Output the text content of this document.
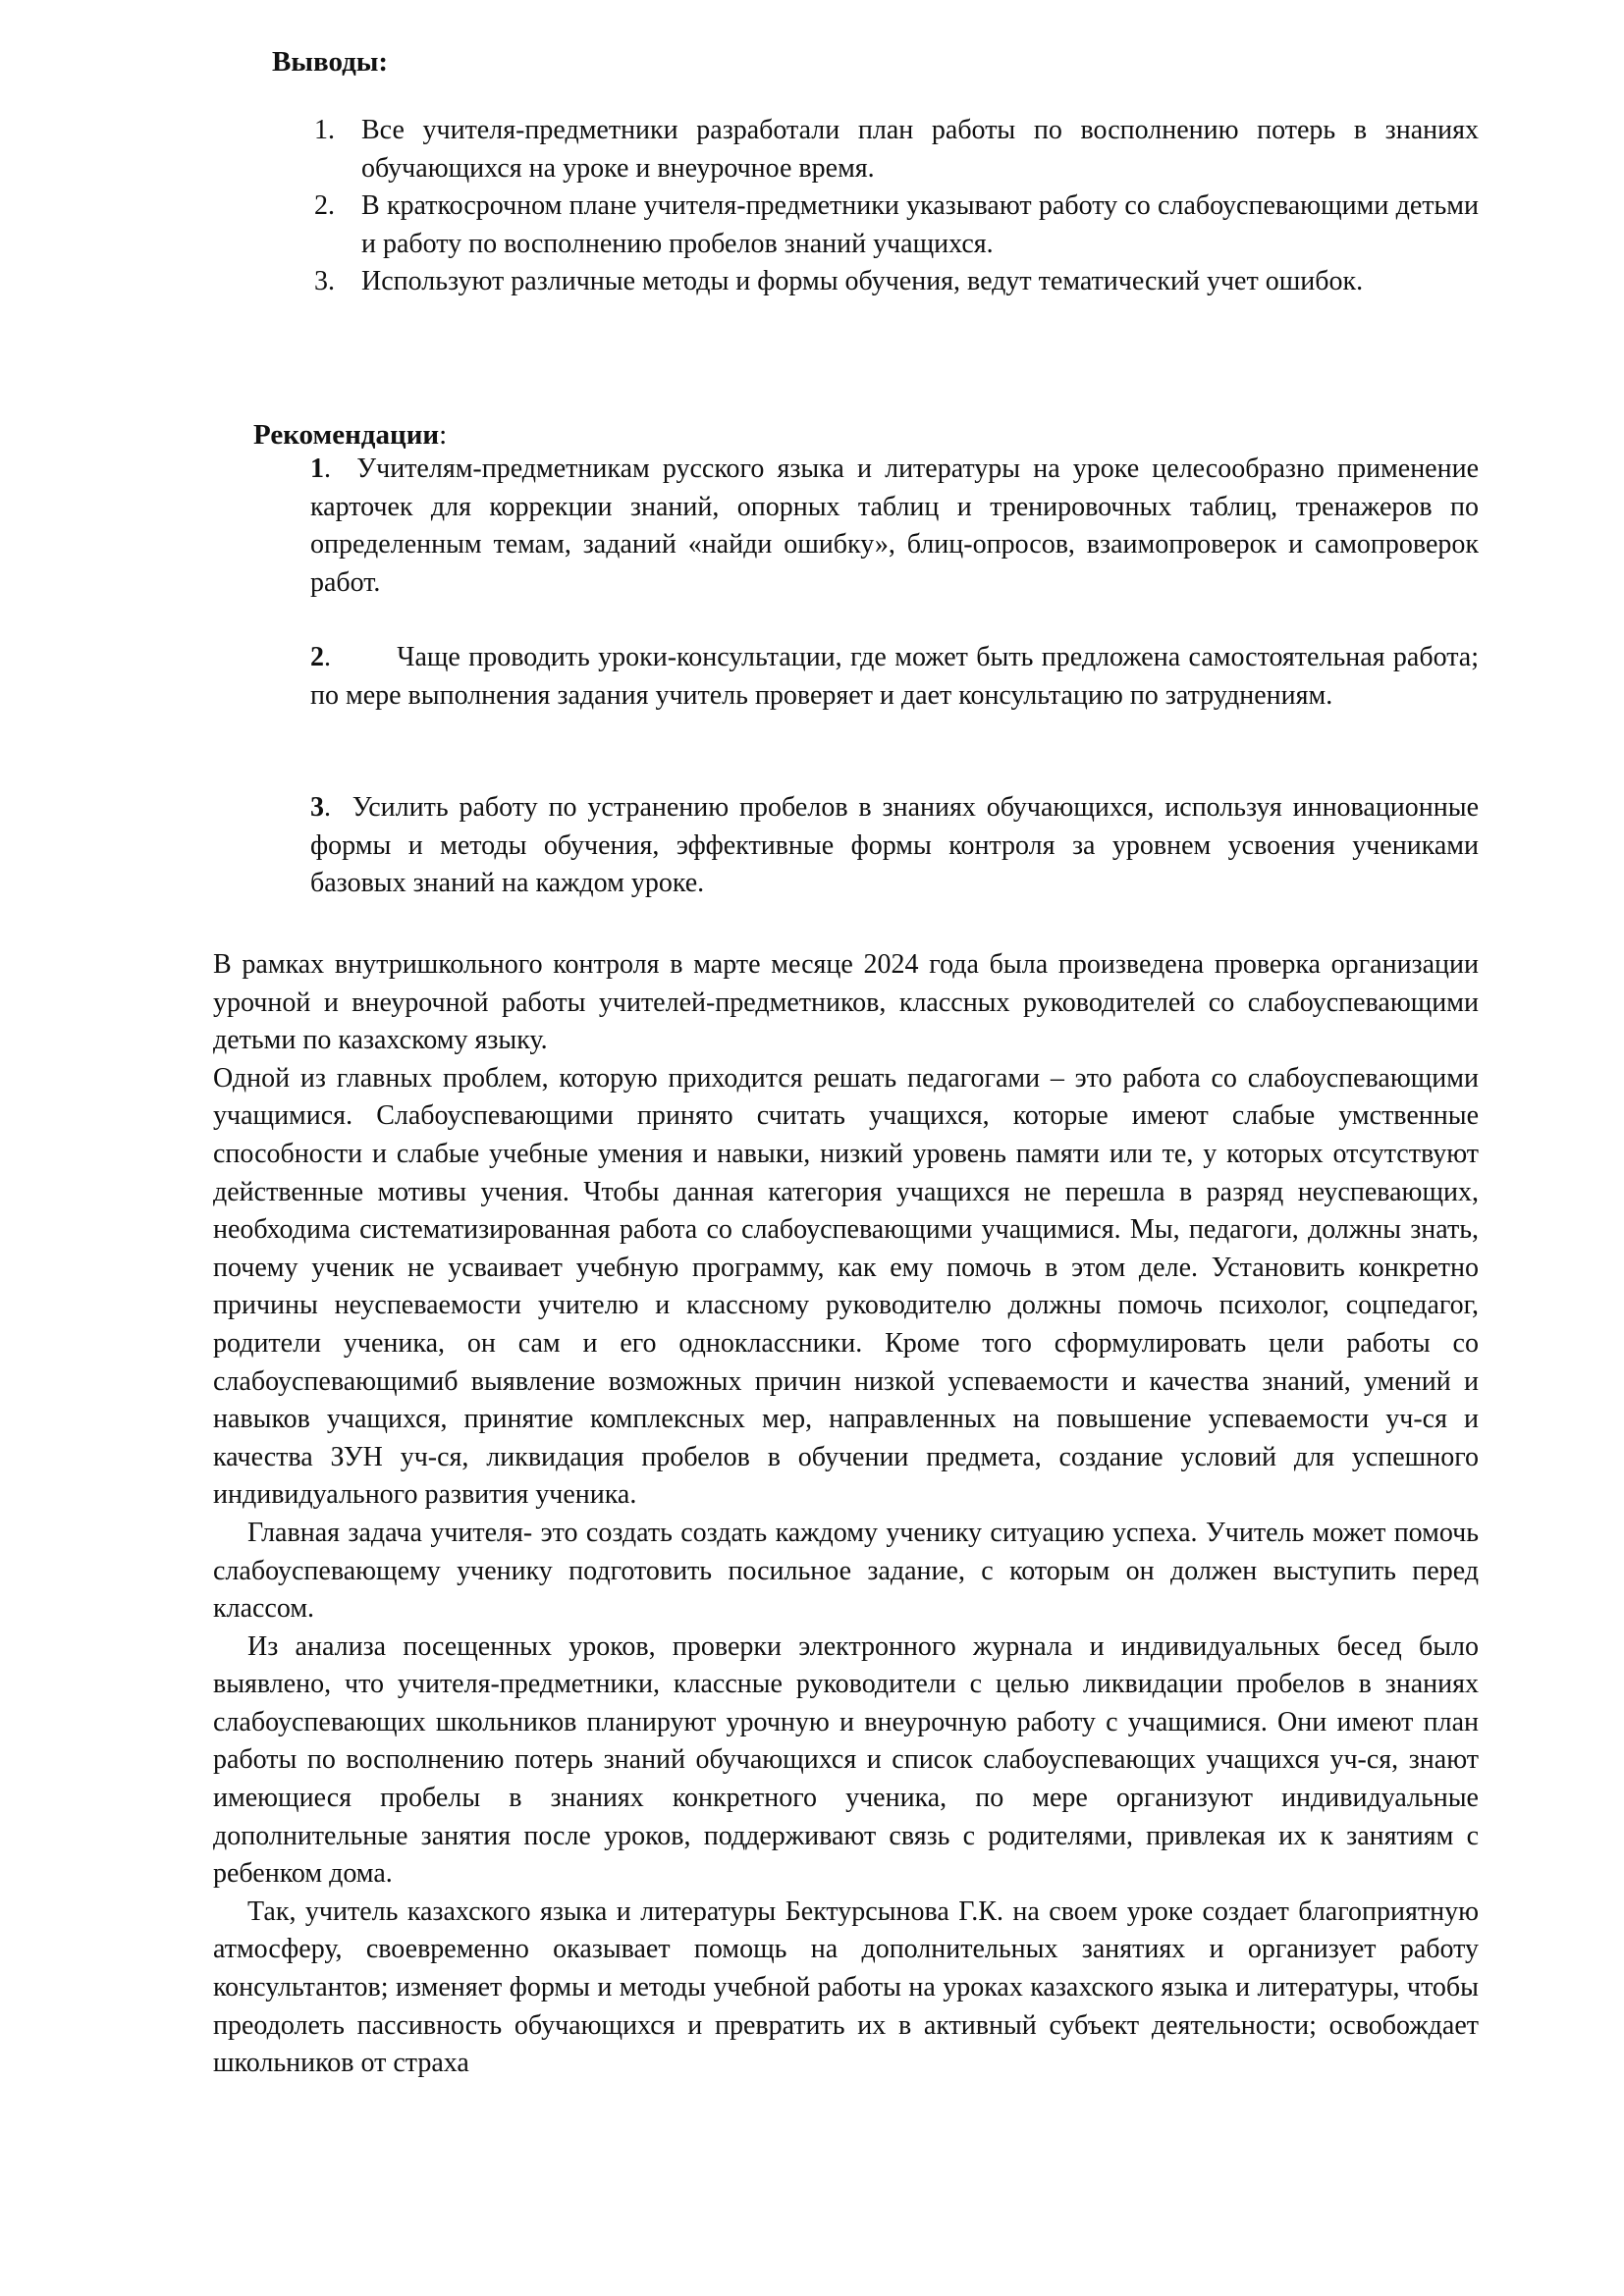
Выводы:
1. Все учителя-предметники разработали план работы по восполнению потерь в знаниях обучающихся на уроке и внеурочное время.
2. В краткосрочном плане учителя-предметники указывают работу со слабоуспевающими детьми и работу по восполнению пробелов знаний учащихся.
3. Используют различные методы и формы обучения, ведут тематический учет ошибок.
Рекомендации:
1.  Учителям-предметникам русского языка и литературы на уроке целесообразно применение карточек для коррекции знаний, опорных таблиц и тренировочных таблиц, тренажеров по определенным темам, заданий «найди ошибку», блиц-опросов, взаимопроверок и самопроверок работ.
2.        Чаще проводить уроки-консультации, где может быть предложена самостоятельная работа; по мере выполнения задания учитель проверяет и дает консультацию по затруднениям.
3.  Усилить работу по устранению пробелов в знаниях обучающихся, используя инновационные формы и методы обучения, эффективные формы контроля за уровнем усвоения учениками базовых знаний на каждом уроке.

В рамках внутришкольного контроля в марте месяце 2024 года была произведена проверка организации урочной и внеурочной работы учителей-предметников, классных руководителей со слабоуспевающими детьми по казахскому языку.

Одной из главных проблем, которую приходится решать педагогами – это работа со слабоуспевающими учащимися. Слабоуспевающими принято считать учащихся, которые имеют слабые умственные способности и слабые учебные умения и навыки, низкий уровень памяти или те, у которых отсутствуют действенные мотивы учения. Чтобы данная категория учащихся не перешла в разряд неуспевающих, необходима систематизированная работа со слабоуспевающими учащимися. Мы, педагоги, должны знать, почему ученик не усваивает учебную программу, как ему помочь в этом деле. Установить конкретно причины неуспеваемости учителю и классному руководителю должны помочь психолог, соцпедагог, родители ученика, он сам и его одноклассники. Кроме того сформулировать цели работы со слабоуспевающимиб выявление возможных причин низкой успеваемости и качества знаний, умений и навыков учащихся, принятие комплексных мер, направленных на повышение успеваемости уч-ся и качества ЗУН уч-ся, ликвидация пробелов в обучении предмета, создание условий для успешного индивидуального развития ученика.

Главная задача учителя- это создать создать каждому ученику ситуацию успеха. Учитель может помочь слабоуспевающему ученику подготовить посильное задание, с которым он должен выступить перед классом.

Из анализа посещенных уроков, проверки электронного журнала и индивидуальных бесед было выявлено, что учителя-предметники, классные руководители с целью ликвидации пробелов в знаниях слабоуспевающих школьников планируют урочную и внеурочную работу с учащимися. Они имеют план работы по восполнению потерь знаний обучающихся и список слабоуспевающих учащихся уч-ся, знают имеющиеся пробелы в знаниях конкретного ученика, по мере организуют индивидуальные дополнительные занятия после уроков, поддерживают связь с родителями, привлекая их к занятиям с ребенком дома.

Так, учитель казахского языка и литературы Бектурсынова Г.К. на своем уроке создает благоприятную атмосферу, своевременно оказывает помощь на дополнительных занятиях и организует работу консультантов; изменяет формы и методы учебной работы на уроках казахского языка и литературы, чтобы преодолеть пассивность обучающихся и превратить их в активный субъект деятельности; освобождает школьников от страха
